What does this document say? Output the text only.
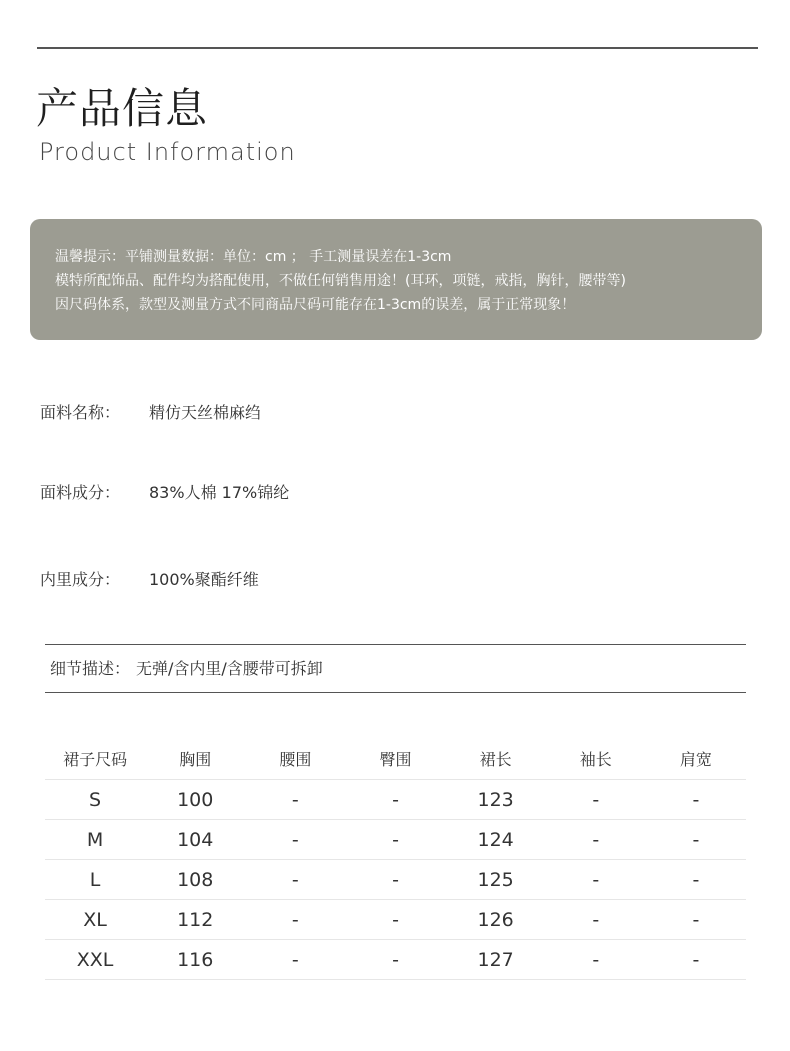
产品信息
Product Information
温馨提示：平铺测量数据：单位：cm ； 手工测量误差在1-3cm
模特所配饰品、配件均为搭配使用，不做任何销售用途！(耳环，项链，戒指，胸针，腰带等)
因尺码体系，款型及测量方式不同商品尺码可能存在1-3cm的误差，属于正常现象！
面料名称： 精仿天丝棉麻绉
面料成分： 83%人棉 17%锦纶
内里成分： 100%聚酯纤维
细节描述： 无弹/含内里/含腰带可拆卸
裙子尺码	胸围	腰围	臀围	裙长	袖长	肩宽
S	100	-	-	123	-	-
M	104	-	-	124	-	-
L	108	-	-	125	-	-
XL	112	-	-	126	-	-
XXL	116	-	-	127	-	-
